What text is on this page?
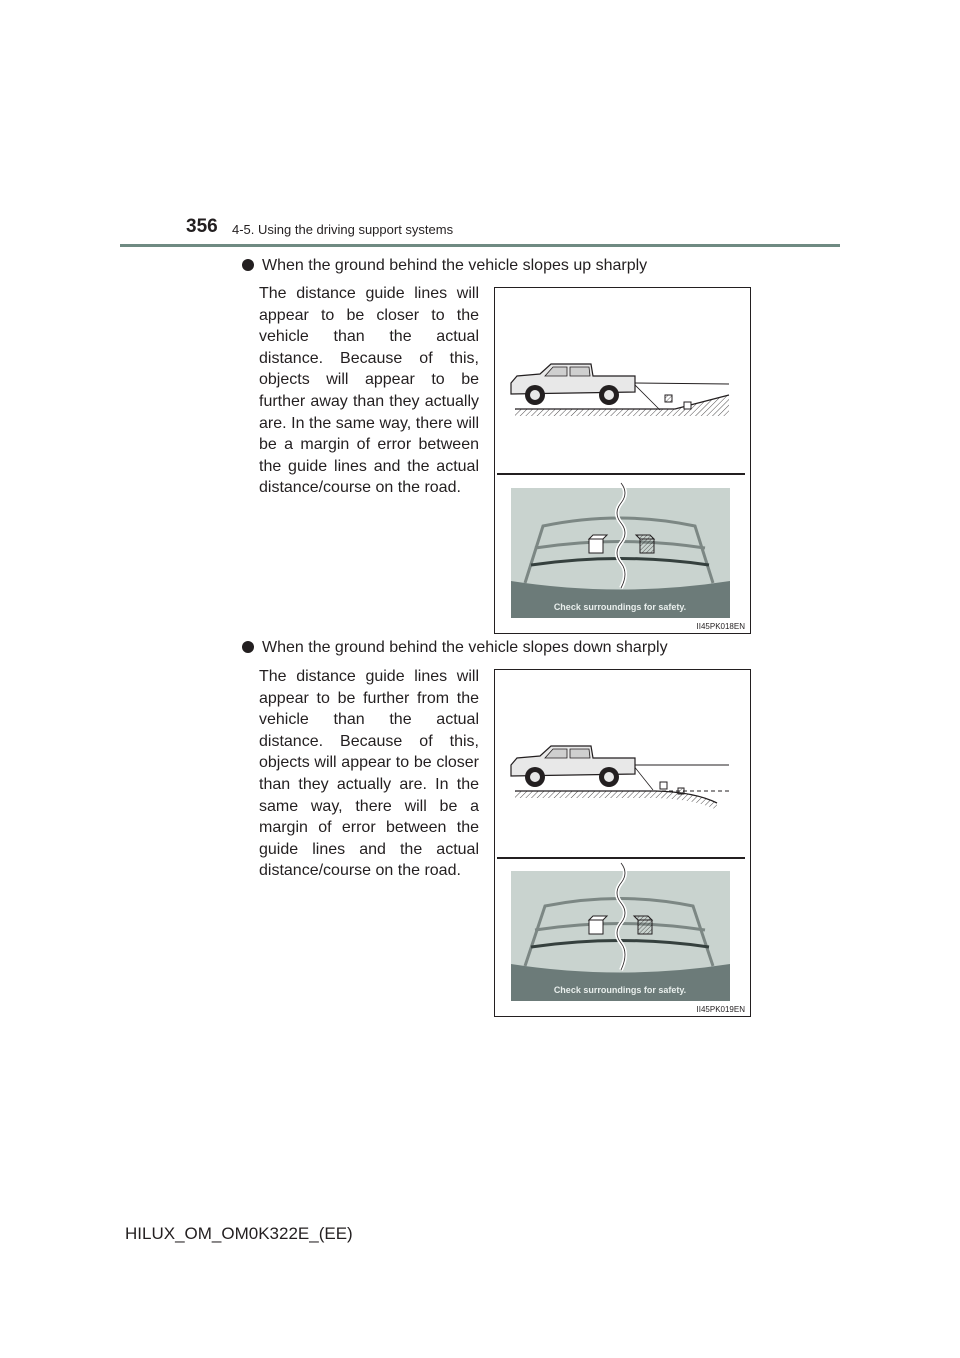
356 4-5. Using the driving support systems
When the ground behind the vehicle slopes up sharply
The distance guide lines will appear to be closer to the vehicle than the actual distance. Because of this, objects will appear to be further away than they actually are. In the same way, there will be a margin of error between the guide lines and the actual distance/course on the road.
Check surroundings for safety.
II45PK018EN
When the ground behind the vehicle slopes down sharply
The distance guide lines will appear to be further from the vehicle than the actual distance. Because of this, objects will appear to be closer than they actually are. In the same way, there will be a margin of error between the guide lines and the actual distance/course on the road.
Check surroundings for safety.
II45PK019EN
HILUX_OM_OM0K322E_(EE)
